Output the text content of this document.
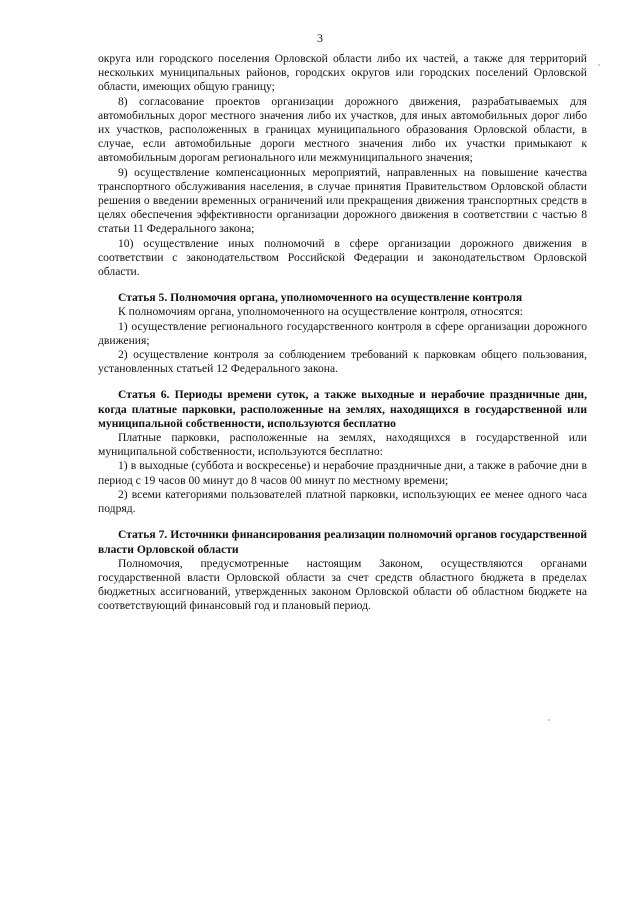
3

округа или городского поселения Орловской области либо их частей, а также для территорий нескольких муниципальных районов, городских округов или городских поселений Орловской области, имеющих общую границу;

8) согласование проектов организации дорожного движения, разрабатываемых для автомобильных дорог местного значения либо их участков, для иных автомобильных дорог либо их участков, расположенных в границах муниципального образования Орловской области, в случае, если автомобильные дороги местного значения либо их участки примыкают к автомобильным дорогам регионального или межмуниципального значения;

9) осуществление компенсационных мероприятий, направленных на повышение качества транспортного обслуживания населения, в случае принятия Правительством Орловской области решения о введении временных ограничений или прекращения движения транспортных средств в целях обеспечения эффективности организации дорожного движения в соответствии с частью 8 статьи 11 Федерального закона;

10) осуществление иных полномочий в сфере организации дорожного движения в соответствии с законодательством Российской Федерации и законодательством Орловской области.

Статья 5. Полномочия органа, уполномоченного на осуществление контроля

К полномочиям органа, уполномоченного на осуществление контроля, относятся:

1) осуществление регионального государственного контроля в сфере организации дорожного движения;

2) осуществление контроля за соблюдением требований к парковкам общего пользования, установленных статьей 12 Федерального закона.

Статья 6. Периоды времени суток, а также выходные и нерабочие праздничные дни, когда платные парковки, расположенные на землях, находящихся в государственной или муниципальной собственности, используются бесплатно

Платные парковки, расположенные на землях, находящихся в государственной или муниципальной собственности, используются бесплатно:

1) в выходные (суббота и воскресенье) и нерабочие праздничные дни, а также в рабочие дни в период с 19 часов 00 минут до 8 часов 00 минут по местному времени;

2) всеми категориями пользователей платной парковки, использующих ее менее одного часа подряд.

Статья 7. Источники финансирования реализации полномочий органов государственной власти Орловской области

Полномочия, предусмотренные настоящим Законом, осуществляются органами государственной власти Орловской области за счет средств областного бюджета в пределах бюджетных ассигнований, утвержденных законом Орловской области об областном бюджете на соответствующий финансовый год и плановый период.
